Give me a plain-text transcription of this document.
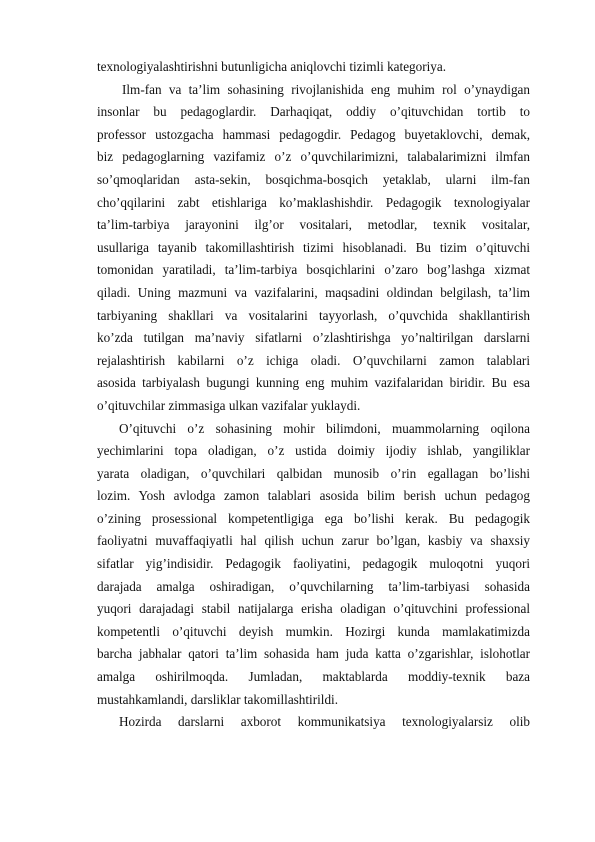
texnologiyalashtirishni butunligicha aniqlovchi tizimli kategoriya.
Ilm-fan va ta’lim sohasining rivojlanishida eng muhim rol o’ynaydigan
insonlar bu pedagoglardir. Darhaqiqat, oddiy o’qituvchidan tortib to
professor ustozgacha hammasi pedagogdir. Pedagog buyetaklovchi, demak,
biz pedagoglarning vazifamiz o’z o’quvchilarimizni, talabalarimizni ilmfan
so’qmoqlaridan asta-sekin, bosqichma-bosqich yetaklab, ularni ilm-fan
cho’qqilarini zabt etishlariga ko’maklashishdir. Pedagogik texnologiyalar
ta’lim-tarbiya jarayonini ilg’or vositalari, metodlar, texnik vositalar,
usullariga tayanib takomillashtirish tizimi hisoblanadi. Bu tizim o’qituvchi
tomonidan yaratiladi, ta’lim-tarbiya bosqichlarini o’zaro bog’lashga xizmat
qiladi. Uning mazmuni va vazifalarini, maqsadini oldindan belgilash, ta’lim
tarbiyaning shakllari va vositalarini tayyorlash, o’quvchida shakllantirish
ko’zda tutilgan ma’naviy sifatlarni o’zlashtirishga yo’naltirilgan darslarni
rejalashtirish kabilarni o’z ichiga oladi. O’quvchilarni zamon talablari
asosida tarbiyalash bugungi kunning eng muhim vazifalaridan biridir. Bu esa
o’qituvchilar zimmasiga ulkan vazifalar yuklaydi.
O’qituvchi o’z sohasining mohir bilimdoni, muammolarning oqilona
yechimlarini topa oladigan, o’z ustida doimiy ijodiy ishlab, yangiliklar
yarata oladigan, o’quvchilari qalbidan munosib o’rin egallagan bo’lishi
lozim. Yosh avlodga zamon talablari asosida bilim berish uchun pedagog
o’zining prosessional kompetentligiga ega bo’lishi kerak. Bu pedagogik
faoliyatni muvaffaqiyatli hal qilish uchun zarur bo’lgan, kasbiy va shaxsiy
sifatlar yig’indisidir. Pedagogik faoliyatini, pedagogik muloqotni yuqori
darajada amalga oshiradigan, o’quvchilarning ta’lim-tarbiyasi sohasida
yuqori darajadagi stabil natijalarga erisha oladigan o’qituvchini professional
kompetentli o’qituvchi deyish mumkin. Hozirgi kunda mamlakatimizda
barcha jabhalar qatori ta’lim sohasida ham juda katta o’zgarishlar, islohotlar
amalga oshirilmoqda. Jumladan, maktablarda moddiy-texnik baza
mustahkamlandi, darsliklar takomillashtirildi.
Hozirda darslarni axborot kommunikatsiya texnologiyalarsiz olib
